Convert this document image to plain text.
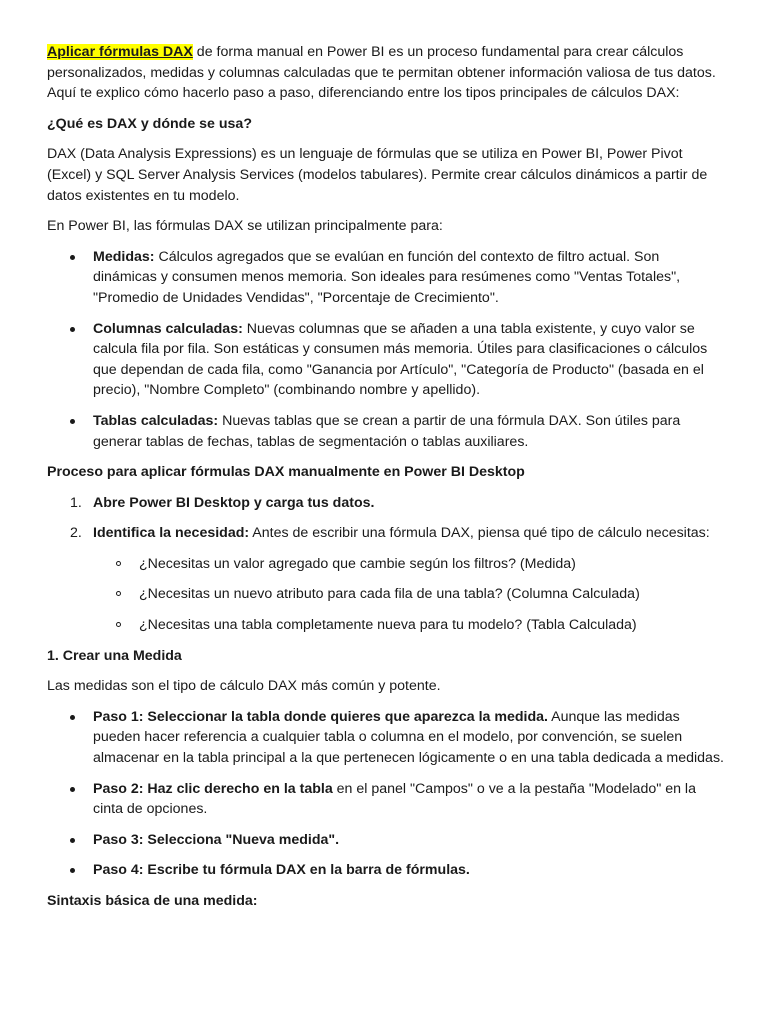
Aplicar fórmulas DAX de forma manual en Power BI es un proceso fundamental para crear cálculos personalizados, medidas y columnas calculadas que te permitan obtener información valiosa de tus datos. Aquí te explico cómo hacerlo paso a paso, diferenciando entre los tipos principales de cálculos DAX:

¿Qué es DAX y dónde se usa?

DAX (Data Analysis Expressions) es un lenguaje de fórmulas que se utiliza en Power BI, Power Pivot (Excel) y SQL Server Analysis Services (modelos tabulares). Permite crear cálculos dinámicos a partir de datos existentes en tu modelo.

En Power BI, las fórmulas DAX se utilizan principalmente para:

Medidas: Cálculos agregados que se evalúan en función del contexto de filtro actual. Son dinámicas y consumen menos memoria. Son ideales para resúmenes como "Ventas Totales", "Promedio de Unidades Vendidas", "Porcentaje de Crecimiento".
Columnas calculadas: Nuevas columnas que se añaden a una tabla existente, y cuyo valor se calcula fila por fila. Son estáticas y consumen más memoria. Útiles para clasificaciones o cálculos que dependan de cada fila, como "Ganancia por Artículo", "Categoría de Producto" (basada en el precio), "Nombre Completo" (combinando nombre y apellido).
Tablas calculadas: Nuevas tablas que se crean a partir de una fórmula DAX. Son útiles para generar tablas de fechas, tablas de segmentación o tablas auxiliares.

Proceso para aplicar fórmulas DAX manualmente en Power BI Desktop

1. Abre Power BI Desktop y carga tus datos.
2. Identifica la necesidad: Antes de escribir una fórmula DAX, piensa qué tipo de cálculo necesitas:
¿Necesitas un valor agregado que cambie según los filtros? (Medida)
¿Necesitas un nuevo atributo para cada fila de una tabla? (Columna Calculada)
¿Necesitas una tabla completamente nueva para tu modelo? (Tabla Calculada)

1. Crear una Medida

Las medidas son el tipo de cálculo DAX más común y potente.

Paso 1: Seleccionar la tabla donde quieres que aparezca la medida. Aunque las medidas pueden hacer referencia a cualquier tabla o columna en el modelo, por convención, se suelen almacenar en la tabla principal a la que pertenecen lógicamente o en una tabla dedicada a medidas.
Paso 2: Haz clic derecho en la tabla en el panel "Campos" o ve a la pestaña "Modelado" en la cinta de opciones.
Paso 3: Selecciona "Nueva medida".
Paso 4: Escribe tu fórmula DAX en la barra de fórmulas.

Sintaxis básica de una medida:
